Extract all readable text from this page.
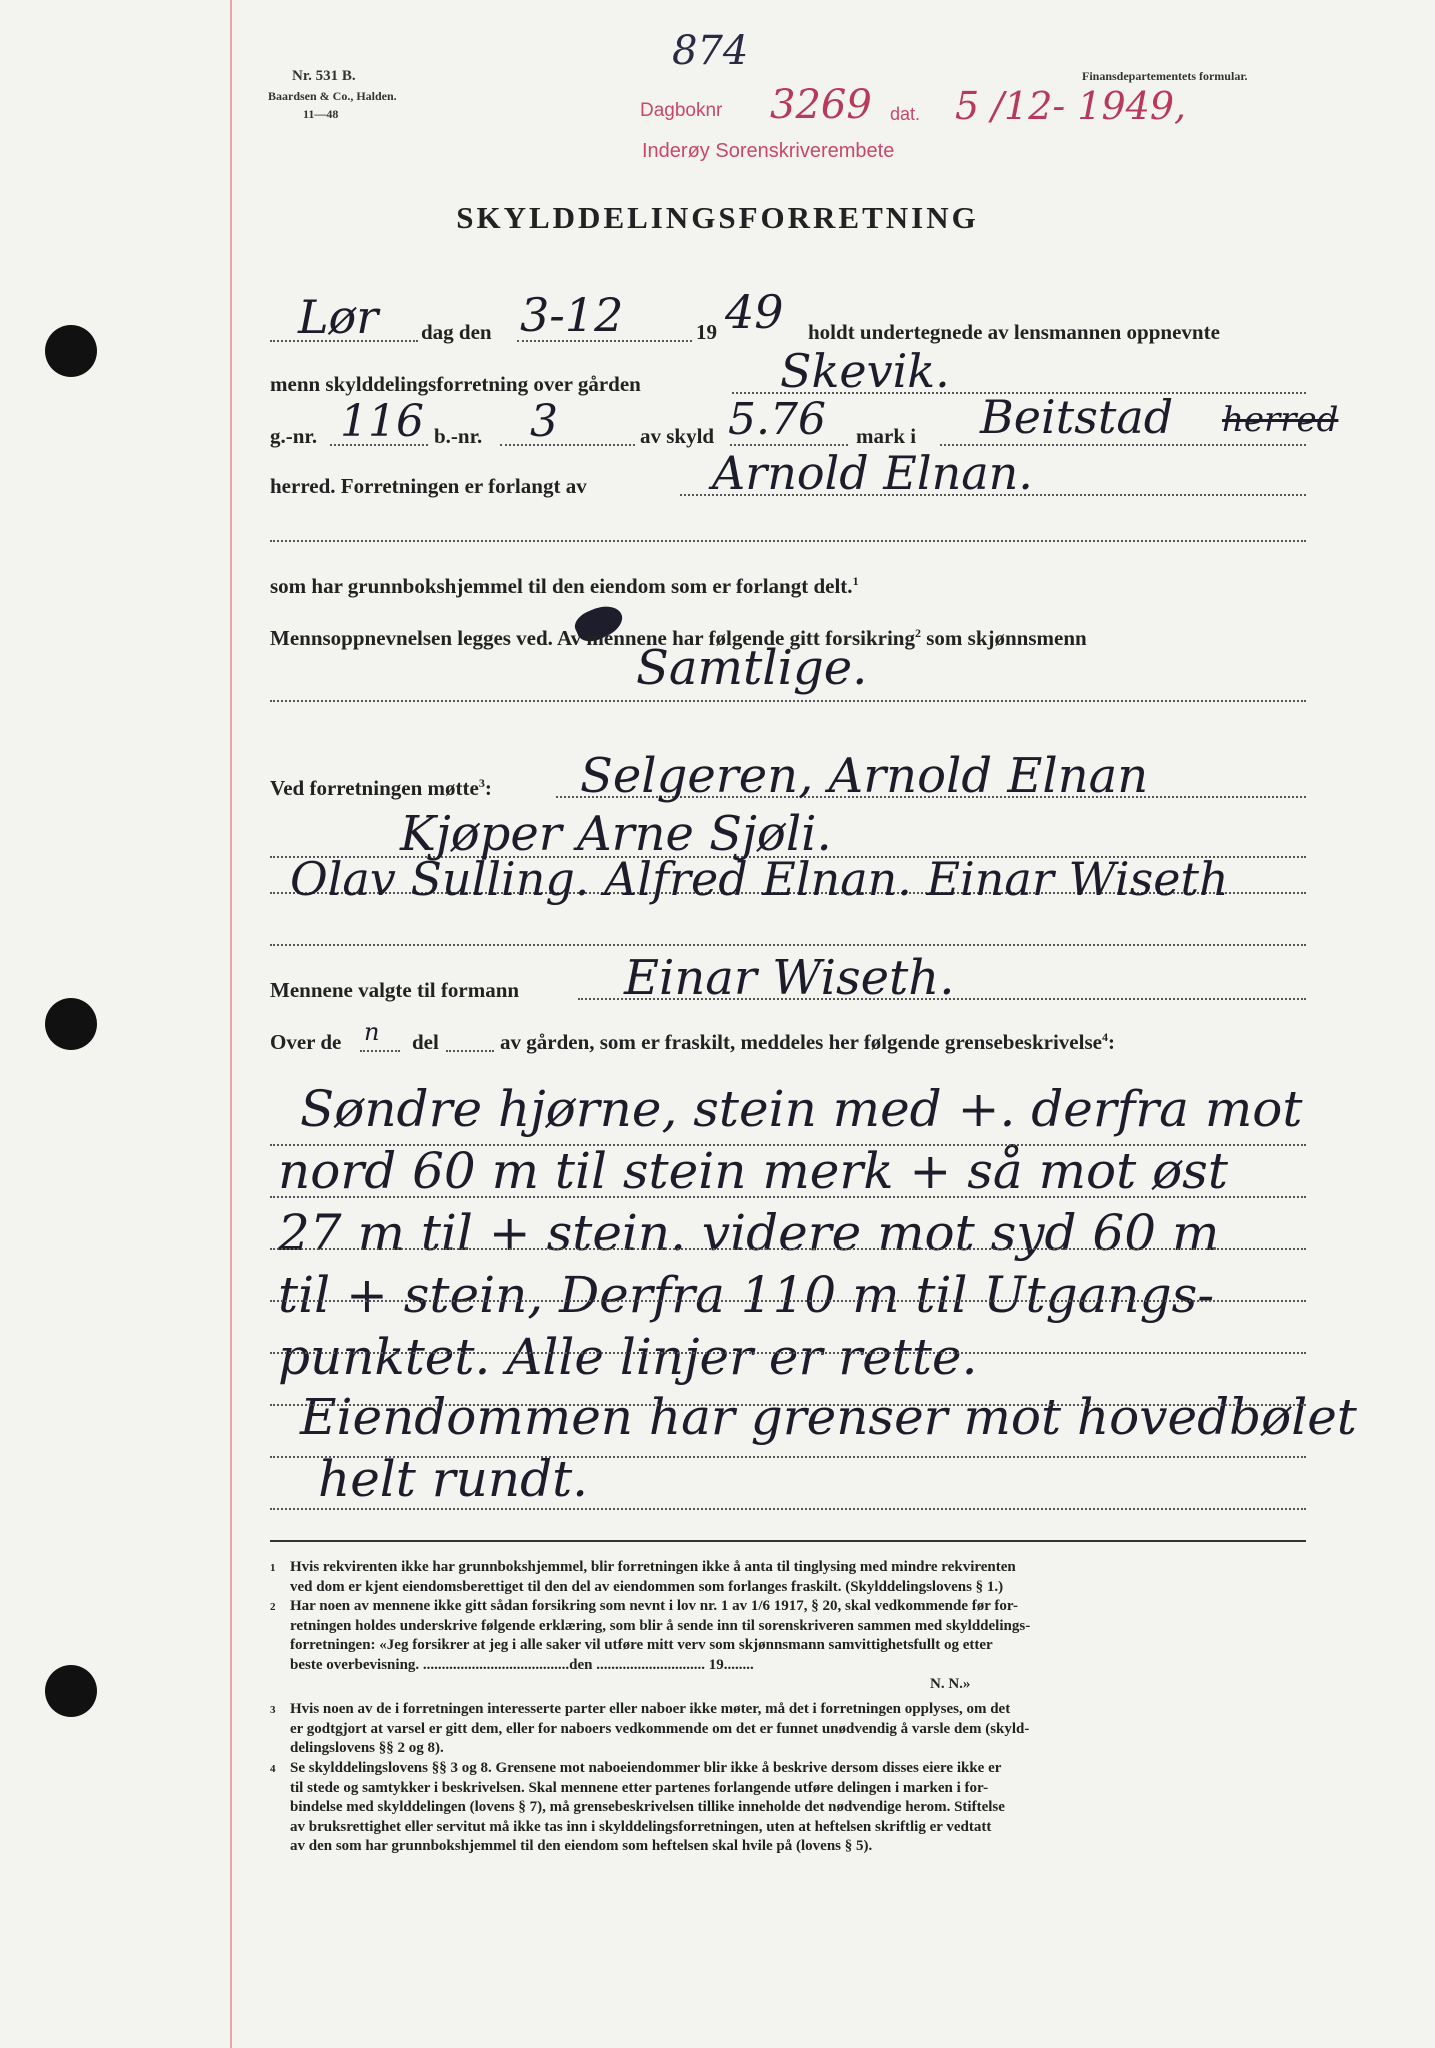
Nr. 531 B.
Baardsen & Co., Halden.
11—48
Finansdepartementets formular.
874
Dagboknr 3269 dat. 5 /12- 1949,
Inderøy Sorenskriverembete
SKYLDDELINGSFORRETNING
Lør dag den 3-12	19 49 holdt undertegnede av lensmannen oppnevnte
menn skylddelingsforretning over gården	Skevik.
g.-nr. 116 b.-nr. 3	av skyld 5.76 mark i Beitstad herred
herred. Forretningen er forlangt av	Arnold Elnan.
som har grunnbokshjemmel til den eiendom som er forlangt delt.$^1$
Mennsoppnevnelsen legges ved. Av mennene har følgende gitt forsikring$^2$ som skjønnsmenn
Samtlige.
Ved forretningen møtte$^3$: Selgeren, Arnold Elnan
Kjøper Arne Sjøli.
Olav Sulling. Alfred Elnan. Einar Wiseth
Mennene valgte til formann Einar Wiseth.
Over de n del	av gården, som er fraskilt, meddeles her følgende grensebeskrivelse$^4$:
Søndre hjørne, stein med +. derfra mot
nord 60 m til stein merk + så mot øst
27 m til + stein. videre mot syd 60 m
til + stein, Derfra 110 m til Utgangs-
punktet. Alle linjer er rette.
Eiendommen har grenser mot hovedbølet
helt rundt.
1 Hvis rekvirenten ikke har grunnbokshjemmel, blir forretningen ikke å anta til tinglysing med mindre rekvirenten
ved dom er kjent eiendomsberettiget til den del av eiendommen som forlanges fraskilt. (Skylddelingslovens § 1.)
2 Har noen av mennene ikke gitt sådan forsikring som nevnt i lov nr. 1 av 1/6 1917, § 20, skal vedkommende før for-
retningen holdes underskrive følgende erklæring, som blir å sende inn til sorenskriveren sammen med skylddelings-
forretningen: «Jeg forsikrer at jeg i alle saker vil utføre mitt verv som skjønnsmann samvittighetsfullt og etter
beste overbevisning. .......................................den ............................. 19........
N. N.»
3 Hvis noen av de i forretningen interesserte parter eller naboer ikke møter, må det i forretningen opplyses, om det
er godtgjort at varsel er gitt dem, eller for naboers vedkommende om det er funnet unødvendig å varsle dem (skyld-
delingslovens §§ 2 og 8).
4 Se skylddelingslovens §§ 3 og 8. Grensene mot naboeiendommer blir ikke å beskrive dersom disses eiere ikke er
til stede og samtykker i beskrivelsen. Skal mennene etter partenes forlangende utføre delingen i marken i for-
bindelse med skylddelingen (lovens § 7), må grensebeskrivelsen tillike inneholde det nødvendige herom. Stiftelse
av bruksrettighet eller servitut må ikke tas inn i skylddelingsforretningen, uten at heftelsen skriftlig er vedtatt
av den som har grunnbokshjemmel til den eiendom som heftelsen skal hvile på (lovens § 5).
